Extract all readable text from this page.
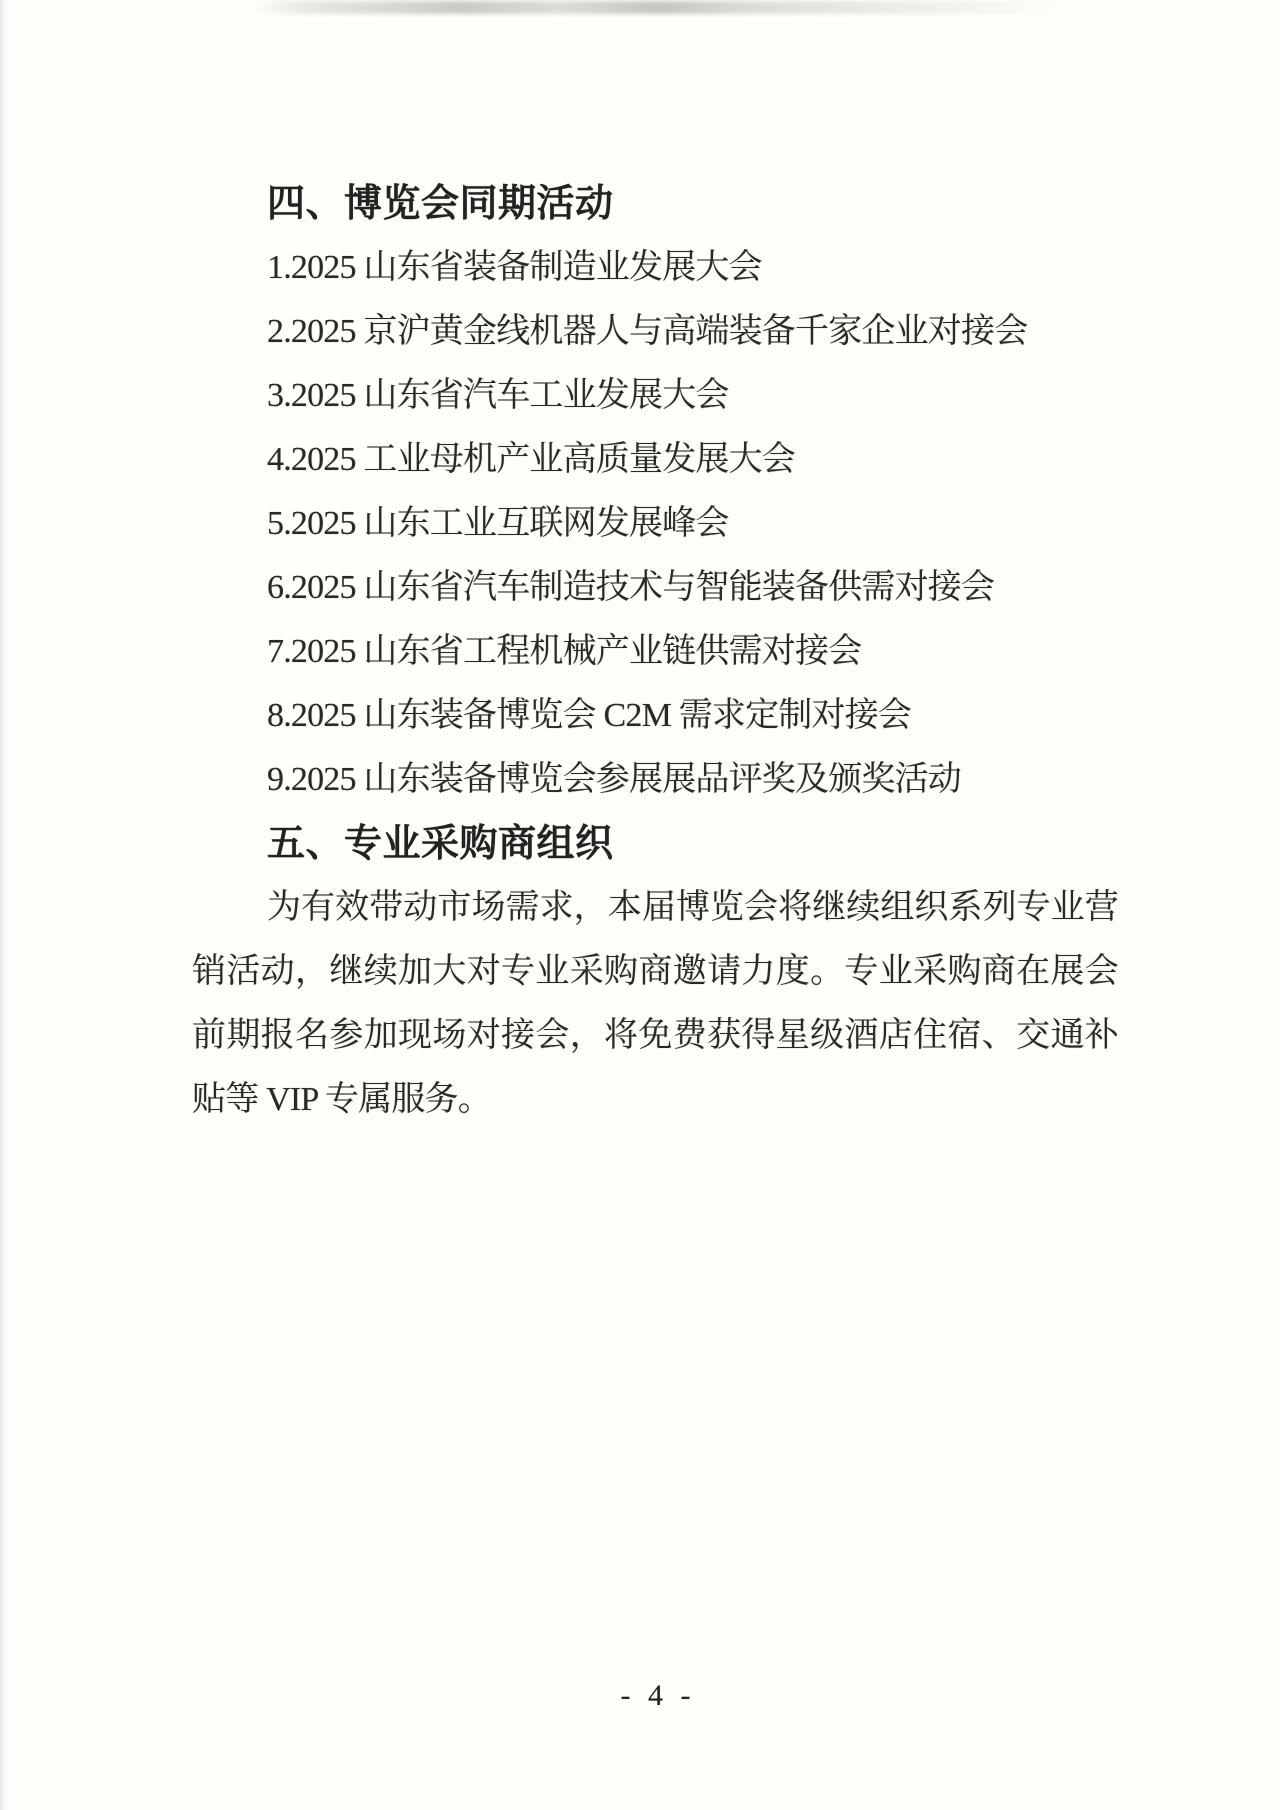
四、博览会同期活动
1.2025 山东省装备制造业发展大会
2.2025 京沪黄金线机器人与高端装备千家企业对接会
3.2025 山东省汽车工业发展大会
4.2025 工业母机产业高质量发展大会
5.2025 山东工业互联网发展峰会
6.2025 山东省汽车制造技术与智能装备供需对接会
7.2025 山东省工程机械产业链供需对接会
8.2025 山东装备博览会 C2M 需求定制对接会
9.2025 山东装备博览会参展展品评奖及颁奖活动
五、专业采购商组织
为有效带动市场需求，本届博览会将继续组织系列专业营
销活动，继续加大对专业采购商邀请力度。专业采购商在展会
前期报名参加现场对接会，将免费获得星级酒店住宿、交通补
贴等 VIP 专属服务。
- 4 -
